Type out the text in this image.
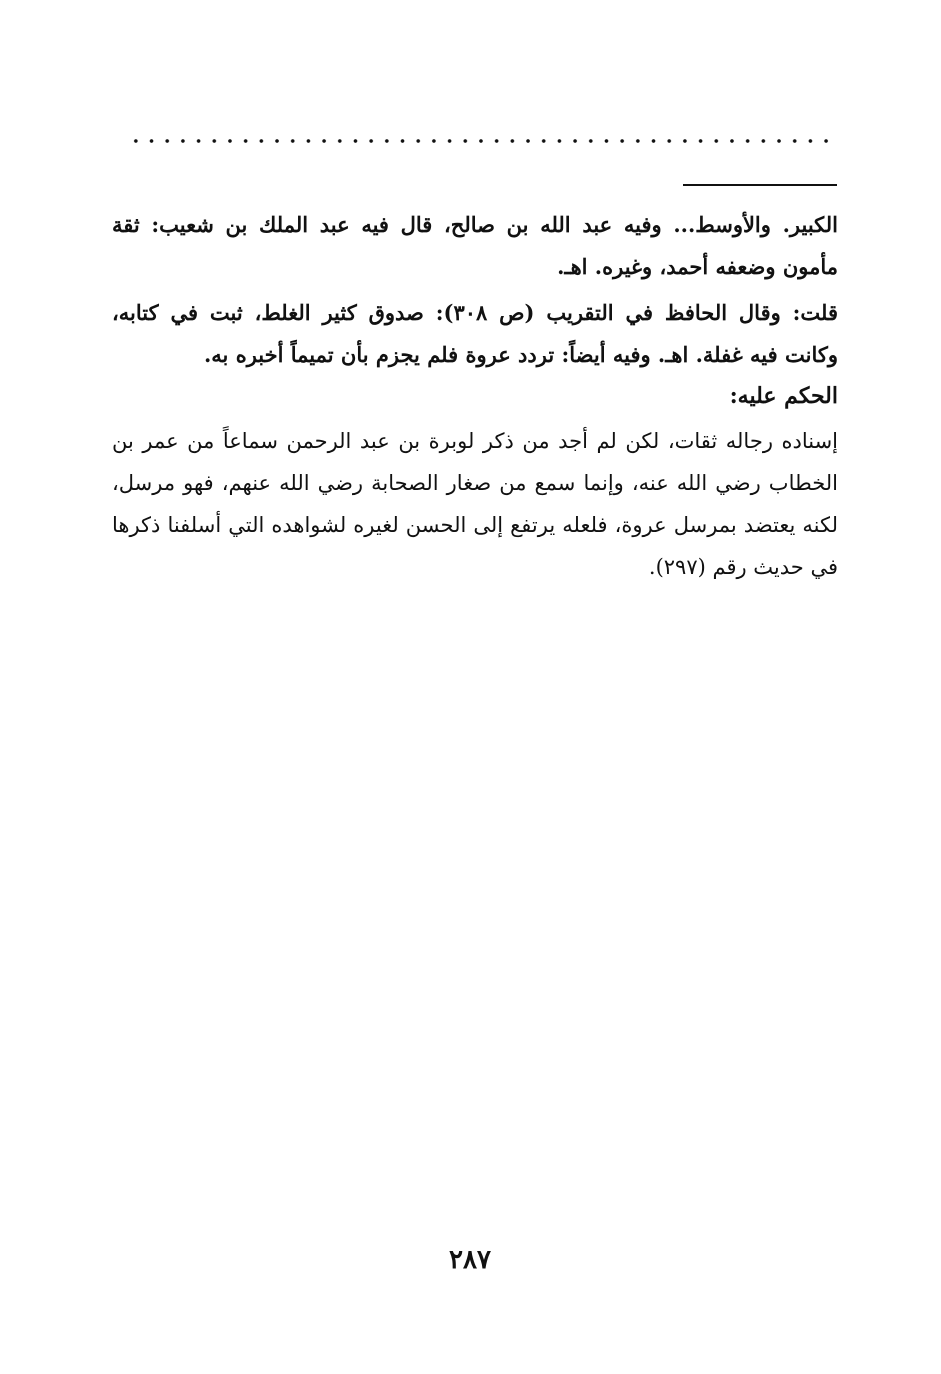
الكبير. والأوسط... وفيه عبد الله بن صالح، قال فيه عبد الملك بن شعيب: ثقة مأمون وضعفه أحمد، وغيره. اهـ.

قلت: وقال الحافظ في التقريب (ص ٣٠٨): صدوق كثير الغلط، ثبت في كتابه، وكانت فيه غفلة. اهـ. وفيه أيضاً: تردد عروة فلم يجزم بأن تميماً أخبره به.

الحكم عليه:

إسناده رجاله ثقات، لكن لم أجد من ذكر لوبرة بن عبد الرحمن سماعاً من عمر بن الخطاب رضي الله عنه، وإنما سمع من صغار الصحابة رضي الله عنهم، فهو مرسل، لكنه يعتضد بمرسل عروة، فلعله يرتفع إلى الحسن لغيره لشواهده التي أسلفنا ذكرها في حديث رقم (٢٩٧).

٢٨٧
